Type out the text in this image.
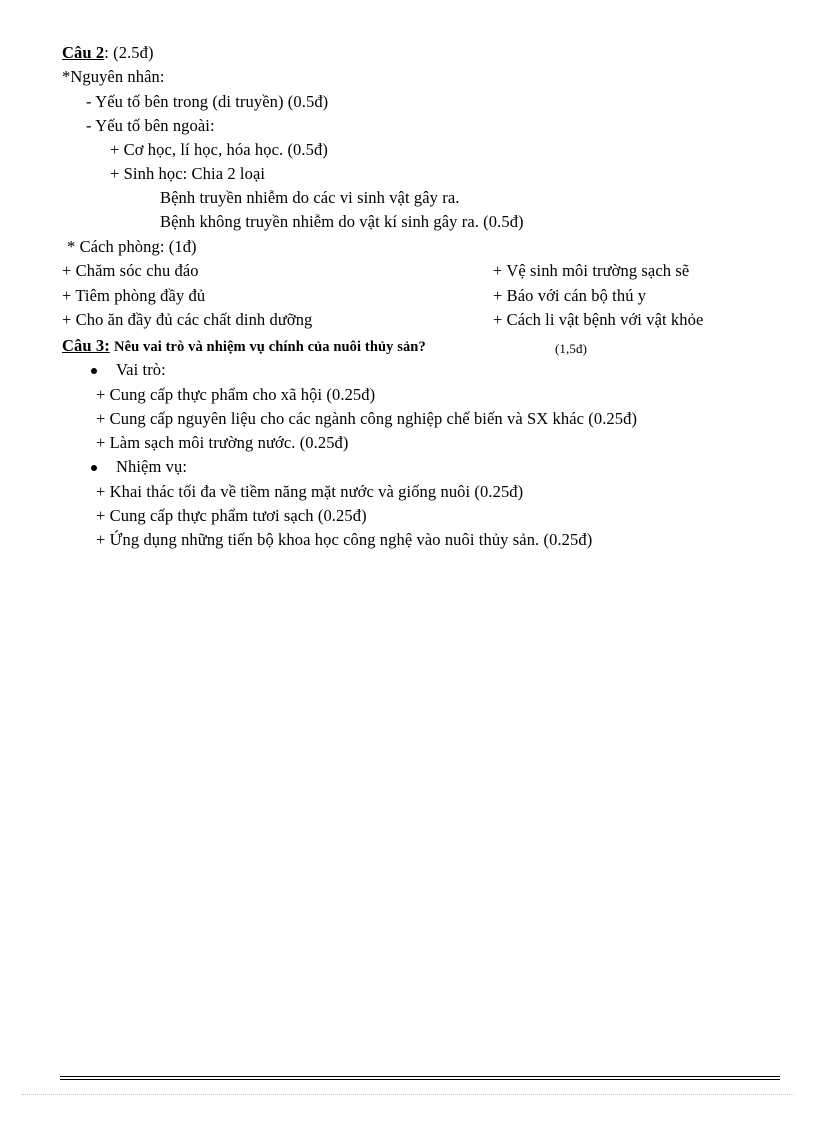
Câu 2: (2.5đ)
*Nguyên nhân:
- Yếu tố bên trong (di truyền) (0.5đ)
- Yếu tố bên ngoài:
+ Cơ học, lí học, hóa học. (0.5đ)
+ Sinh học: Chia 2 loại
Bệnh truyền nhiễm do các vi sinh vật gây ra.
Bệnh không truyền nhiễm do vật kí sinh gây ra. (0.5đ)
* Cách phòng: (1đ)
+ Chăm sóc chu đáo	+ Vệ sinh môi trường sạch sẽ
+ Tiêm phòng đầy đủ	+ Báo với cán bộ thú y
+ Cho ăn đầy đủ các chất dinh dưỡng	+ Cách li vật bệnh với vật khỏe
Câu 3: Nêu vai trò và nhiệm vụ chính của nuôi thủy sản?	(1,5đ)
Vai trò:
+ Cung cấp thực phẩm cho xã hội (0.25đ)
+ Cung cấp nguyên liệu cho các ngành công nghiệp chế biến và SX khác (0.25đ)
+ Làm sạch môi trường nước. (0.25đ)
Nhiệm vụ:
+ Khai thác tối đa về tiềm năng mặt nước và giống nuôi (0.25đ)
+ Cung cấp thực phẩm tươi sạch (0.25đ)
+ Ứng dụng những tiến bộ khoa học công nghệ vào nuôi thủy sản. (0.25đ)
